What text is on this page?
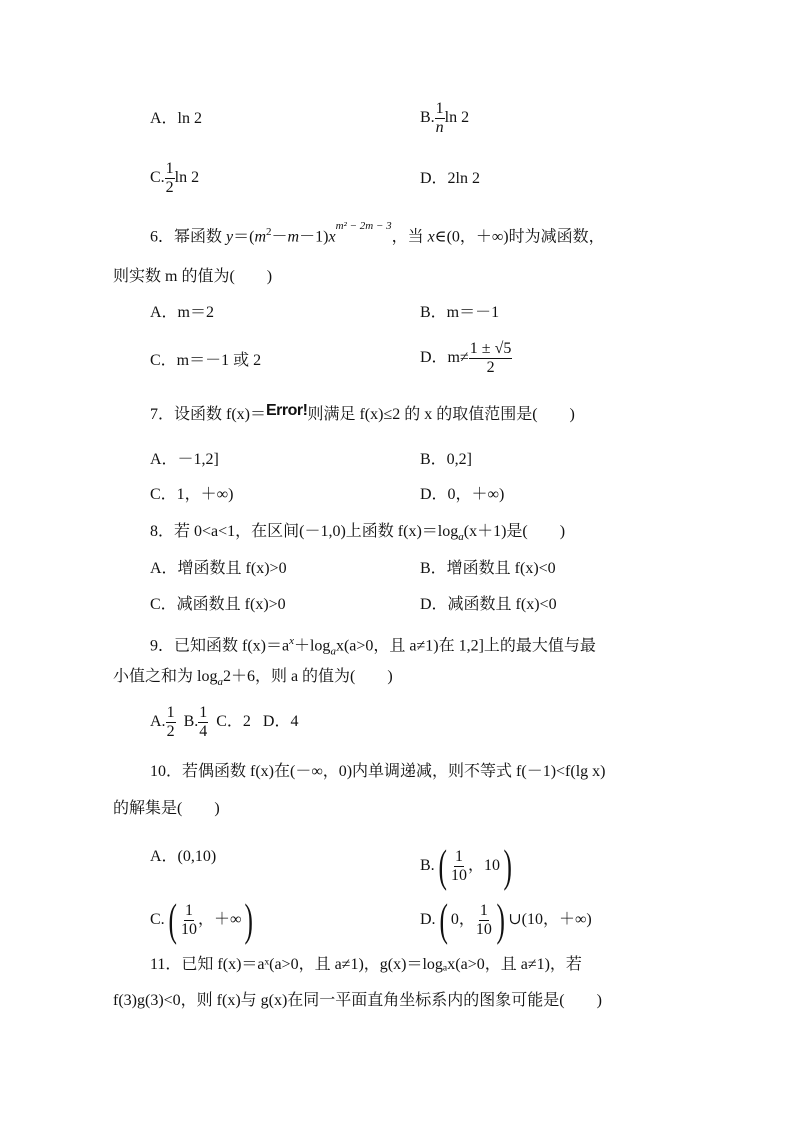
A．ln 2	B. $\frac{1}{n}$ ln 2
C. $\frac{1}{2}$ ln 2	D．2ln 2
6．幂函数 $y=(m^2-m-1)x^{m^2 - 2m - 3}$，当 x∈(0，＋∞)时为减函数，
则实数 m 的值为(　　)
A．m＝2	B．m＝－1
C．m＝－1 或 2	D．$m\ne \frac{1 \pm √5}{2}$
7．设函数 f(x)＝Error!则满足 f(x)≤2 的 x 的取值范围是(　　)
A．－1,2]	B．0,2]
C．1，＋∞)	D．0，＋∞)
8．若 0<a<1，在区间(－1,0)上函数 $f(x)=\log_a(x+1)$是(　　)
A．增函数且 f(x)>0	B．增函数且 f(x)<0
C．减函数且 f(x)>0	D．减函数且 f(x)<0
9．已知函数 $f(x)=a^x+\log_ax(a>0$，且 a≠1)在 1,2]上的最大值与最
小值之和为 $\log_a2+6$，则 a 的值为(　　)
A. $\frac{1}{2} B$. $\frac{1}{4}$ C．2 D．4
10．若偶函数 f(x)在(－∞，0)内单调递减，则不等式 f(－1)<f(lg x)
的解集是(　　)
A．(0,10)
$B.( \frac{1}{10}$ ，10)
$C.( \frac{1}{10}$ ，＋∞)	D.( 0， $\frac{1}{10}$ ) ∪(10，＋∞)
11．已知 f(x)＝aˣ(a>0，且 a≠1)，g(x)＝logₐx(a>0，且 a≠1)，若
f(3)g(3)<0，则 f(x)与 g(x)在同一平面直角坐标系内的图象可能是(　　)
